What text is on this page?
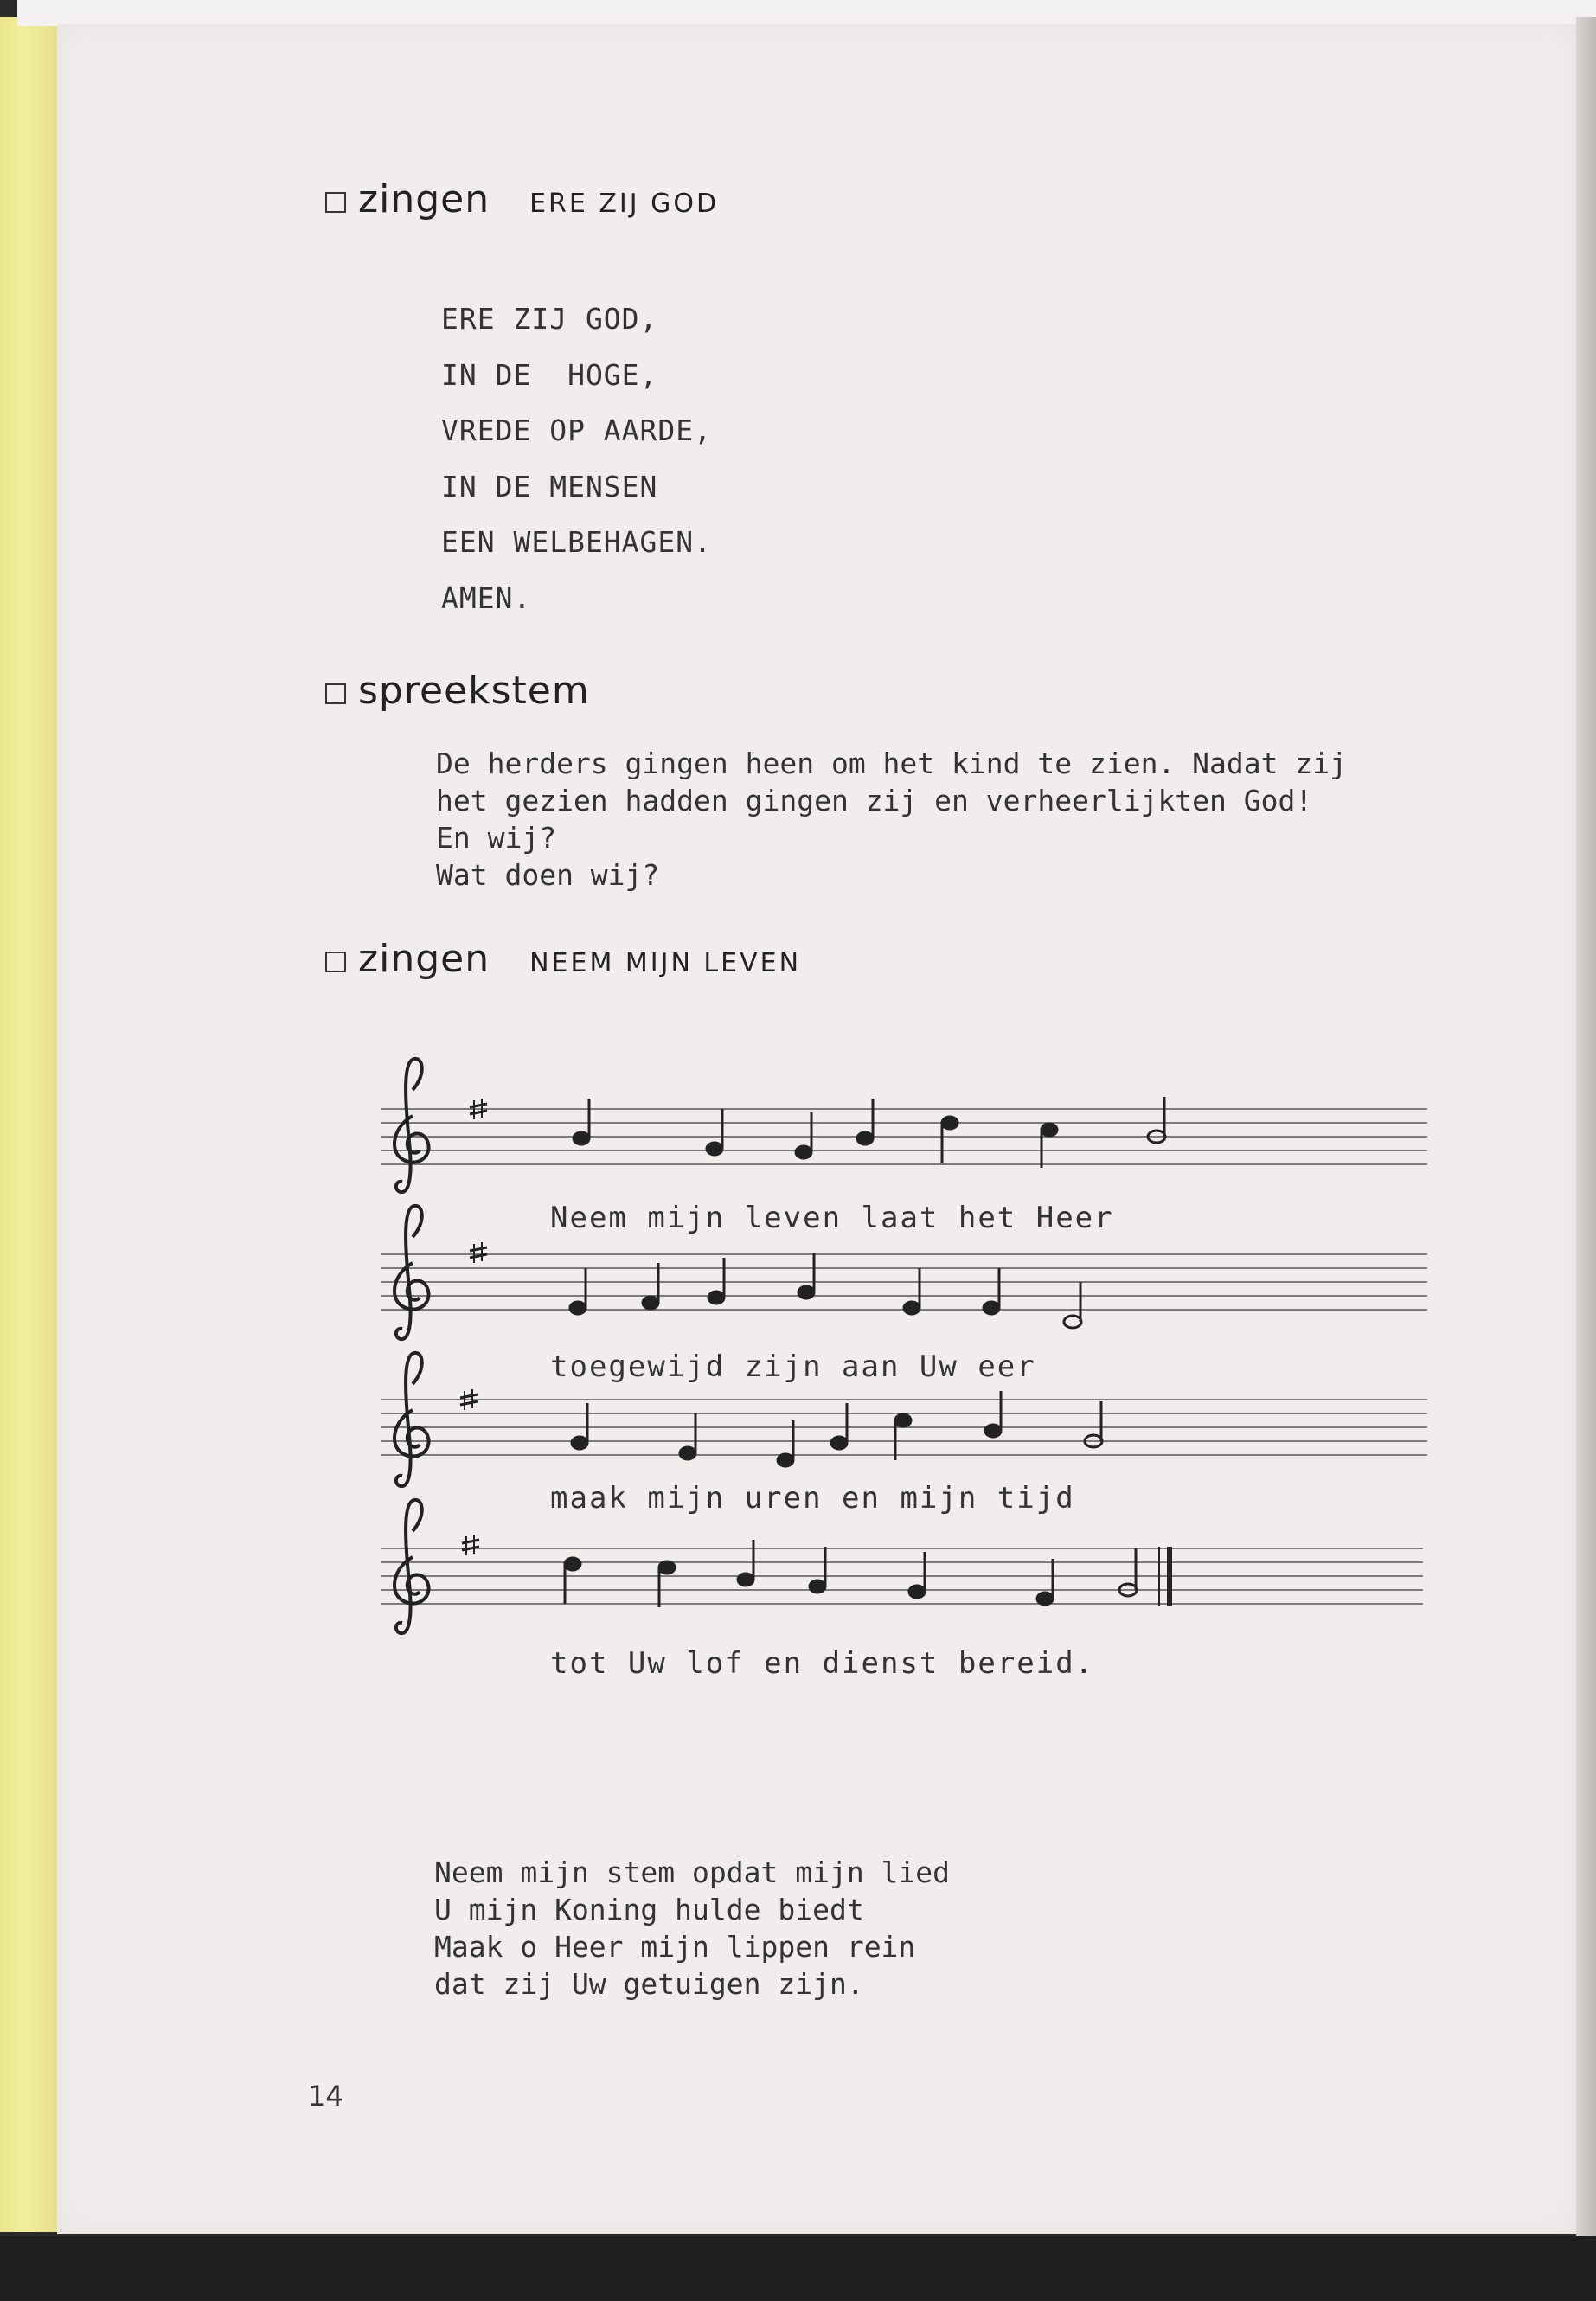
zingen ERE ZIJ GOD
ERE ZIJ GOD,
IN DE  HOGE,
VREDE OP AARDE,
IN DE MENSEN
EEN WELBEHAGEN.
AMEN.
spreekstem
De herders gingen heen om het kind te zien. Nadat zij
het gezien hadden gingen zij en verheerlijkten God!
En wij?
Wat doen wij?
zingen NEEM MIJN LEVEN
Neem mijn leven laat het Heer
toegewijd zijn aan Uw eer
maak mijn uren en mijn tijd
tot Uw lof en dienst bereid.
Neem mijn stem opdat mijn lied
U mijn Koning hulde biedt
Maak o Heer mijn lippen rein
dat zij Uw getuigen zijn.
14
